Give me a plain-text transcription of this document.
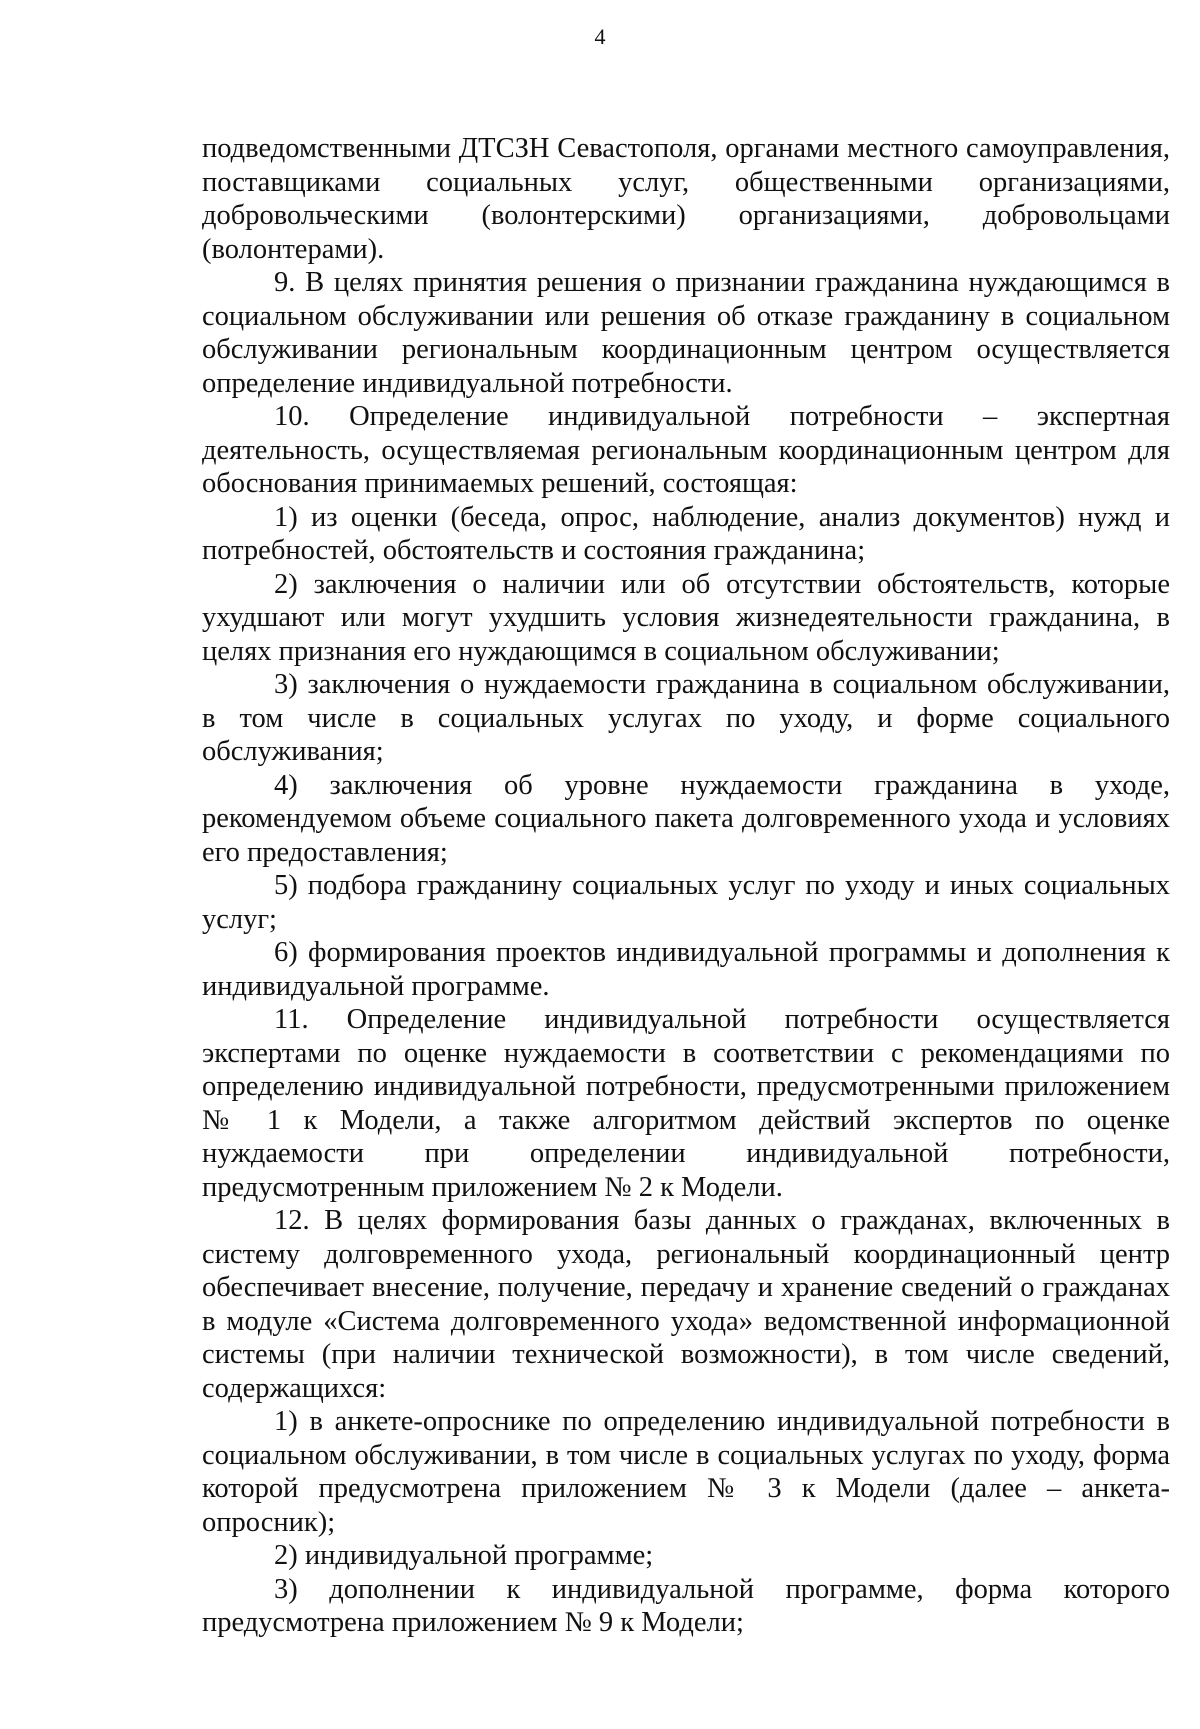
4

подведомственными ДТСЗН Севастополя, органами местного самоуправления, поставщиками социальных услуг, общественными организациями, добровольческими (волонтерскими) организациями, добровольцами (волонтерами).

9. В целях принятия решения о признании гражданина нуждающимся в социальном обслуживании или решения об отказе гражданину в социальном обслуживании региональным координационным центром осуществляется определение индивидуальной потребности.

10. Определение индивидуальной потребности – экспертная деятельность, осуществляемая региональным координационным центром для обоснования принимаемых решений, состоящая:

1) из оценки (беседа, опрос, наблюдение, анализ документов) нужд и потребностей, обстоятельств и состояния гражданина;

2) заключения о наличии или об отсутствии обстоятельств, которые ухудшают или могут ухудшить условия жизнедеятельности гражданина, в целях признания его нуждающимся в социальном обслуживании;

3) заключения о нуждаемости гражданина в социальном обслуживании, в том числе в социальных услугах по уходу, и форме социального обслуживания;

4) заключения об уровне нуждаемости гражданина в уходе, рекомендуемом объеме социального пакета долговременного ухода и условиях его предоставления;

5) подбора гражданину социальных услуг по уходу и иных социальных услуг;

6) формирования проектов индивидуальной программы и дополнения к индивидуальной программе.

11. Определение индивидуальной потребности осуществляется экспертами по оценке нуждаемости в соответствии с рекомендациями по определению индивидуальной потребности, предусмотренными приложением № 1 к Модели, а также алгоритмом действий экспертов по оценке нуждаемости при определении индивидуальной потребности, предусмотренным приложением № 2 к Модели.

12. В целях формирования базы данных о гражданах, включенных в систему долговременного ухода, региональный координационный центр обеспечивает внесение, получение, передачу и хранение сведений о гражданах в модуле «Система долговременного ухода» ведомственной информационной системы (при наличии технической возможности), в том числе сведений, содержащихся:

1) в анкете-опроснике по определению индивидуальной потребности в социальном обслуживании, в том числе в социальных услугах по уходу, форма которой предусмотрена приложением № 3 к Модели (далее – анкета-опросник);

2) индивидуальной программе;

3) дополнении к индивидуальной программе, форма которого предусмотрена приложением № 9 к Модели;
